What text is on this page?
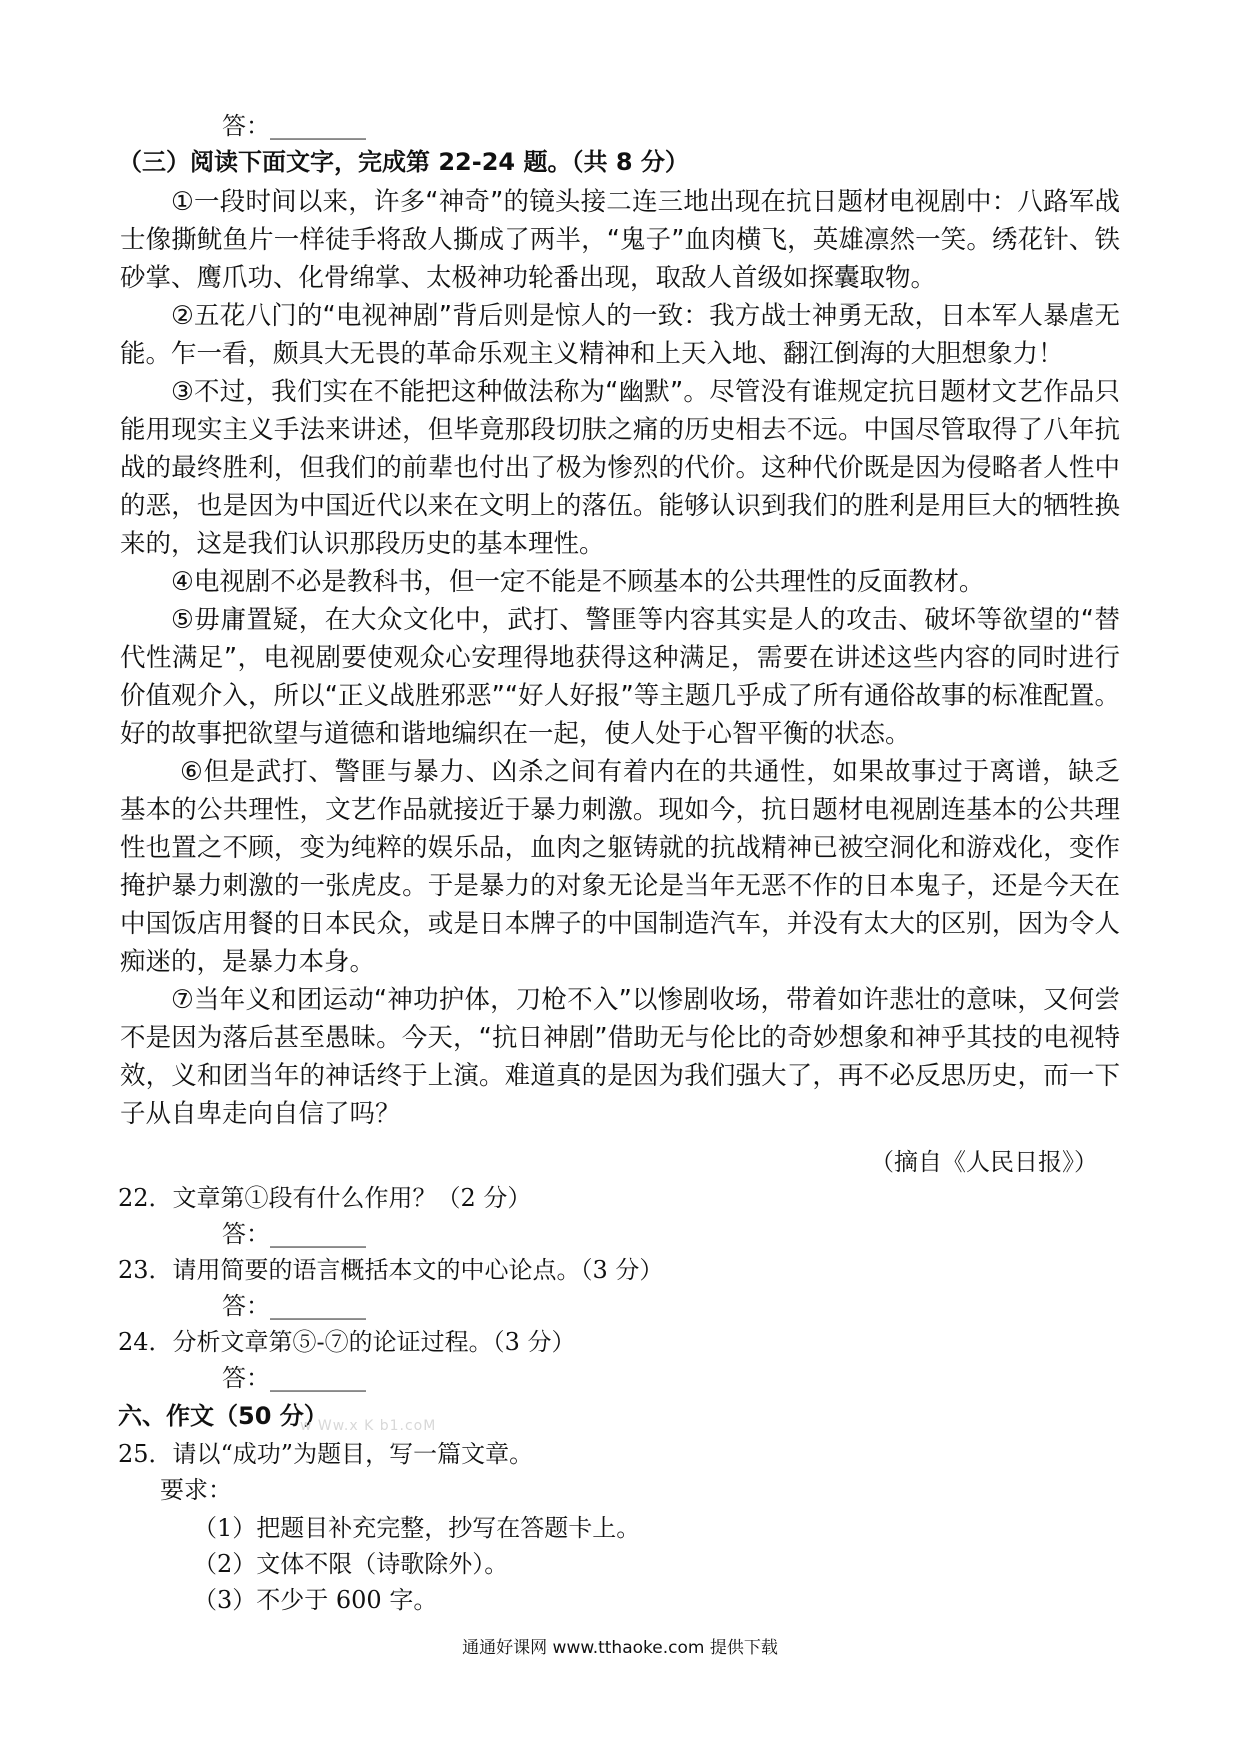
答：________
（三）阅读下面文字，完成第 22-24 题。（共 8 分）

①一段时间以来，许多“神奇”的镜头接二连三地出现在抗日题材电视剧中：八路军战士像撕鱿鱼片一样徒手将敌人撕成了两半，“鬼子”血肉横飞，英雄凛然一笑。绣花针、铁砂掌、鹰爪功、化骨绵掌、太极神功轮番出现，取敌人首级如探囊取物。

②五花八门的“电视神剧”背后则是惊人的一致：我方战士神勇无敌，日本军人暴虐无能。乍一看，颇具大无畏的革命乐观主义精神和上天入地、翻江倒海的大胆想象力！

③不过，我们实在不能把这种做法称为“幽默”。尽管没有谁规定抗日题材文艺作品只能用现实主义手法来讲述，但毕竟那段切肤之痛的历史相去不远。中国尽管取得了八年抗战的最终胜利，但我们的前辈也付出了极为惨烈的代价。这种代价既是因为侵略者人性中的恶，也是因为中国近代以来在文明上的落伍。能够认识到我们的胜利是用巨大的牺牲换来的，这是我们认识那段历史的基本理性。

④电视剧不必是教科书，但一定不能是不顾基本的公共理性的反面教材。

⑤毋庸置疑，在大众文化中，武打、警匪等内容其实是人的攻击、破坏等欲望的“替代性满足”，电视剧要使观众心安理得地获得这种满足，需要在讲述这些内容的同时进行价值观介入，所以“正义战胜邪恶”“好人好报”等主题几乎成了所有通俗故事的标准配置。好的故事把欲望与道德和谐地编织在一起，使人处于心智平衡的状态。

⑥但是武打、警匪与暴力、凶杀之间有着内在的共通性，如果故事过于离谱，缺乏基本的公共理性，文艺作品就接近于暴力刺激。现如今，抗日题材电视剧连基本的公共理性也置之不顾，变为纯粹的娱乐品，血肉之躯铸就的抗战精神已被空洞化和游戏化，变作掩护暴力刺激的一张虎皮。于是暴力的对象无论是当年无恶不作的日本鬼子，还是今天在中国饭店用餐的日本民众，或是日本牌子的中国制造汽车，并没有太大的区别，因为令人痴迷的，是暴力本身。

⑦当年义和团运动“神功护体，刀枪不入”以惨剧收场，带着如许悲壮的意味，又何尝不是因为落后甚至愚昧。今天，“抗日神剧”借助无与伦比的奇妙想象和神乎其技的电视特效，义和团当年的神话终于上演。难道真的是因为我们强大了，再不必反思历史，而一下子从自卑走向自信了吗？

（摘自《人民日报》）
22．文章第①段有什么作用？（2 分）
答：________
23．请用简要的语言概括本文的中心论点。（3 分）
答：________
24．分析文章第⑤-⑦的论证过程。（3 分）
答：________
六、作文（50 分）
w Ww.x K b1.coM
25．请以“成功”为题目，写一篇文章。
要求：
（1）把题目补充完整，抄写在答题卡上。
（2）文体不限（诗歌除外）。
（3）不少于 600 字。
通通好课网 www.tthaoke.com 提供下载
